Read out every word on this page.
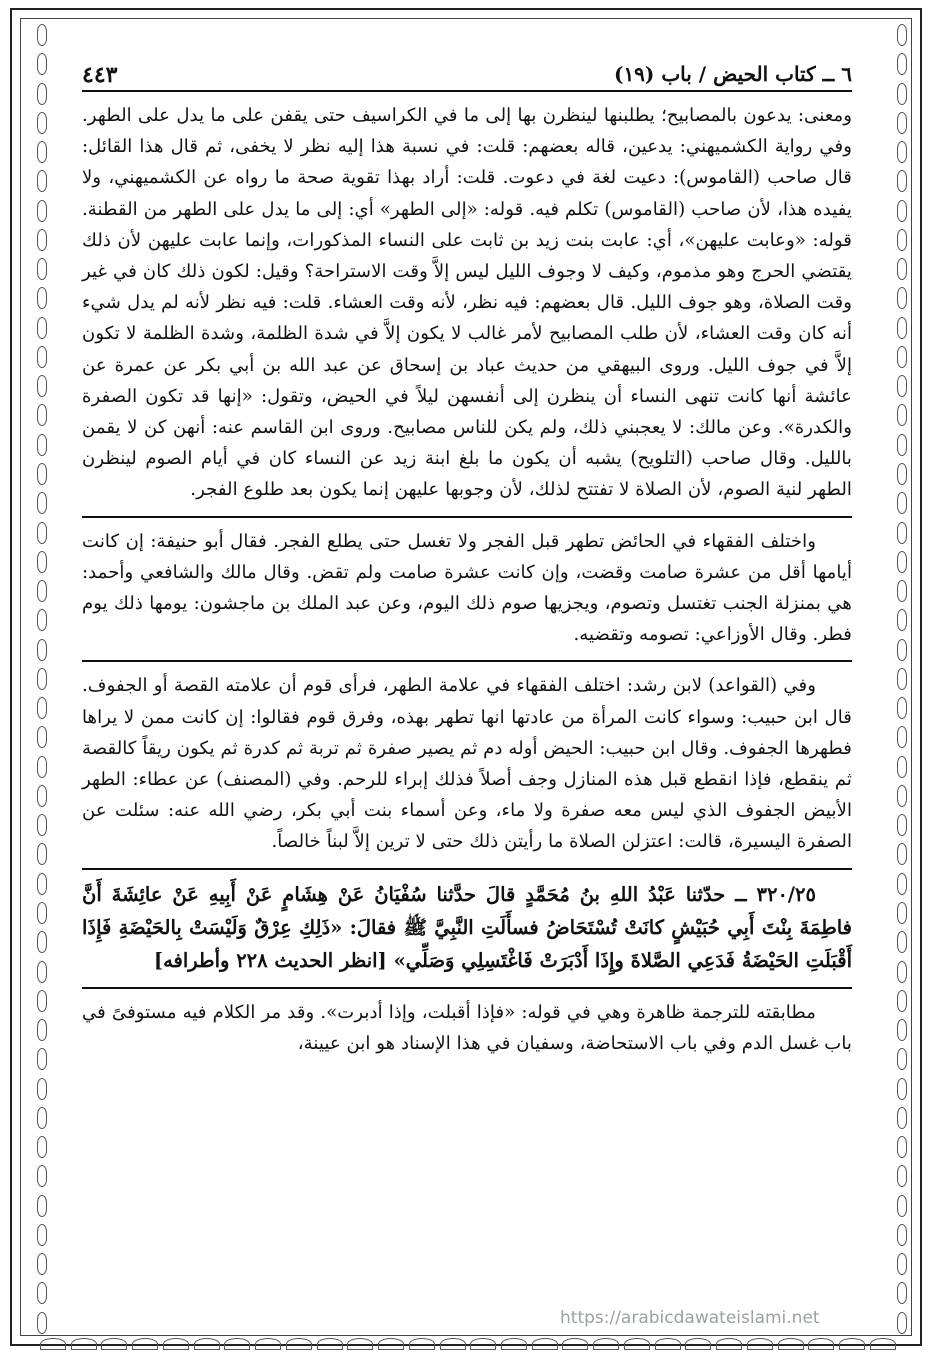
٦ ــ كتاب الحيض / باب (١٩)
٤٤٣

ومعنى: يدعون بالمصابيح؛ يطلبنها لينظرن بها إلى ما في الكراسيف حتى يقفن على ما يدل على الطهر. وفي رواية الكشميهني: يدعين، قاله بعضهم: قلت: في نسبة هذا إليه نظر لا يخفى، ثم قال هذا القائل: قال صاحب (القاموس): دعيت لغة في دعوت. قلت: أراد بهذا تقوية صحة ما رواه عن الكشميهني، ولا يفيده هذا، لأن صاحب (القاموس) تكلم فيه. قوله: «إلى الطهر» أي: إلى ما يدل على الطهر من القطنة. قوله: «وعابت عليهن»، أي: عابت بنت زيد بن ثابت على النساء المذكورات، وإنما عابت عليهن لأن ذلك يقتضي الحرج وهو مذموم، وكيف لا وجوف الليل ليس إلاَّ وقت الاستراحة؟ وقيل: لكون ذلك كان في غير وقت الصلاة، وهو جوف الليل. قال بعضهم: فيه نظر، لأنه وقت العشاء. قلت: فيه نظر لأنه لم يدل شيء أنه كان وقت العشاء، لأن طلب المصابيح لأمر غالب لا يكون إلاَّ في شدة الظلمة، وشدة الظلمة لا تكون إلاَّ في جوف الليل. وروى البيهقي من حديث عباد بن إسحاق عن عبد الله بن أبي بكر عن عمرة عن عائشة أنها كانت تنهى النساء أن ينظرن إلى أنفسهن ليلاً في الحيض، وتقول: «إنها قد تكون الصفرة والكدرة». وعن مالك: لا يعجبني ذلك، ولم يكن للناس مصابيح. وروى ابن القاسم عنه: أنهن كن لا يقمن بالليل. وقال صاحب (التلويح) يشبه أن يكون ما بلغ ابنة زيد عن النساء كان في أيام الصوم لينظرن الطهر لنية الصوم، لأن الصلاة لا تفتتح لذلك، لأن وجوبها عليهن إنما يكون بعد طلوع الفجر.

واختلف الفقهاء في الحائض تطهر قبل الفجر ولا تغسل حتى يطلع الفجر. فقال أبو حنيفة: إن كانت أيامها أقل من عشرة صامت وقضت، وإن كانت عشرة صامت ولم تقض. وقال مالك والشافعي وأحمد: هي بمنزلة الجنب تغتسل وتصوم، ويجزيها صوم ذلك اليوم، وعن عبد الملك بن ماجشون: يومها ذلك يوم فطر. وقال الأوزاعي: تصومه وتقضيه.

وفي (القواعد) لابن رشد: اختلف الفقهاء في علامة الطهر، فرأى قوم أن علامته القصة أو الجفوف. قال ابن حبيب: وسواء كانت المرأة من عادتها انها تطهر بهذه، وفرق قوم فقالوا: إن كانت ممن لا يراها فطهرها الجفوف. وقال ابن حبيب: الحيض أوله دم ثم يصير صفرة ثم تربة ثم كدرة ثم يكون ريقاً كالقصة ثم ينقطع، فإذا انقطع قبل هذه المنازل وجف أصلاً فذلك إبراء للرحم. وفي (المصنف) عن عطاء: الطهر الأبيض الجفوف الذي ليس معه صفرة ولا ماء، وعن أسماء بنت أبي بكر، رضي الله عنه: سئلت عن الصفرة اليسيرة، قالت: اعتزلن الصلاة ما رأيتن ذلك حتى لا ترين إلاَّ لبناً خالصاً.

٣٢٠/٢٥ ــ حدّثنا عَبْدُ اللهِ بنُ مُحَمَّدٍ قالَ حدَّثنا سُفْيَانُ عَنْ هِشَامٍ عَنْ أَبِيهِ عَنْ عائِشَةَ أَنَّ فاطِمَةَ بِنْتَ أَبِي حُبَيْشٍ كانَتْ تُسْتَحَاضُ فسأَلَتِ النَّبِيَّ ﷺ فقالَ: «ذَلِكِ عِرْقٌ وَلَيْسَتْ بِالحَيْضَةِ فَإِذَا أَقْبَلَتِ الحَيْضَةُ فَدَعِي الصَّلاةَ وإِذَا أَدْبَرَتْ فَاغْتَسِلِي وَصَلِّي» [انظر الحديث ٢٢٨ وأطرافه]

مطابقته للترجمة ظاهرة وهي في قوله: «فإذا أقبلت، وإذا أدبرت». وقد مر الكلام فيه مستوفىً في باب غسل الدم وفي باب الاستحاضة، وسفيان في هذا الإسناد هو ابن عيينة،

https://arabicdawateislami.net
